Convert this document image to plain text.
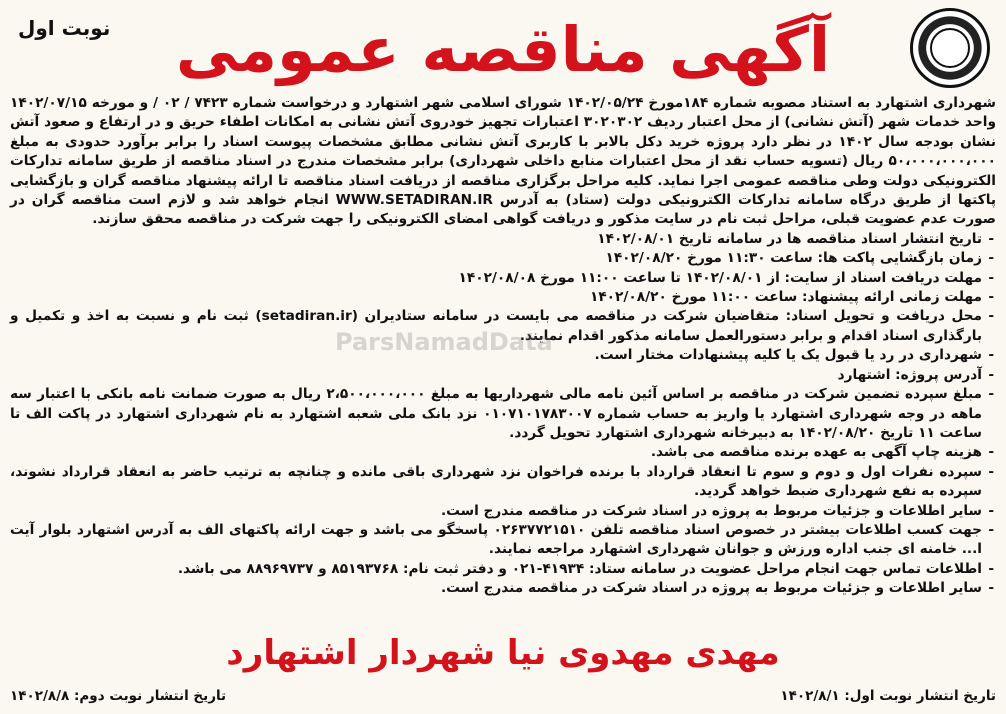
آگهی مناقصه عمومی
نوبت اول

شهرداری اشتهارد به استناد مصوبه شماره ۱۸۴مورخ ۱۴۰۲/۰۵/۲۴ شورای اسلامی شهر اشتهارد و درخواست شماره ۷۴۲۳ / ۰۲ / و مورخه ۱۴۰۲/۰۷/۱۵ واحد خدمات شهر (آتش نشانی) از محل اعتبار ردیف ۳۰۲۰۳۰۲ اعتبارات تجهیز خودروی آتش نشانی به امکانات اطفاء حریق و در ارتفاع و صعود آتش نشان بودجه سال ۱۴۰۲ در نظر دارد پروژه خرید دکل بالابر با کاربری آتش نشانی مطابق مشخصات پیوست اسناد را برابر برآورد حدودی به مبلغ ۵۰،۰۰۰،۰۰۰،۰۰۰ ریال (تسویه حساب نقد از محل اعتبارات منابع داخلی شهرداری) برابر مشخصات مندرج در اسناد مناقصه از طریق سامانه تدارکات الکترونیکی دولت وطی مناقصه عمومی اجرا نماید. کلیه مراحل برگزاری مناقصه از دریافت اسناد مناقصه تا ارائه پیشنهاد مناقصه گران و بازگشایی پاکتها از طریق درگاه سامانه تدارکات الکترونیکی دولت (ستاد) به آدرس WWW.SETADIRAN.IR انجام خواهد شد و لازم است مناقصه گران در صورت عدم عضویت قبلی، مراحل ثبت نام در سایت مذکور و دریافت گواهی امضای الکترونیکی را جهت شرکت در مناقصه محقق سازند.

- تاریخ انتشار اسناد مناقصه ها در سامانه تاریخ ۱۴۰۲/۰۸/۰۱
- زمان بازگشایی پاکت ها: ساعت ۱۱:۳۰ مورخ ۱۴۰۲/۰۸/۲۰
- مهلت دریافت اسناد از سایت: از ۱۴۰۲/۰۸/۰۱ تا ساعت ۱۱:۰۰ مورخ ۱۴۰۲/۰۸/۰۸
- مهلت زمانی ارائه پیشنهاد: ساعت ۱۱:۰۰ مورخ ۱۴۰۲/۰۸/۲۰
- محل دریافت و تحویل اسناد: متقاضیان شرکت در مناقصه می بایست در سامانه ستادیران (setadiran.ir) ثبت نام و نسبت به اخذ و تکمیل و بارگذاری اسناد اقدام و برابر دستورالعمل سامانه مذکور اقدام نمایند.
- شهرداری در رد یا قبول یک یا کلیه پیشنهادات مختار است.
- آدرس پروژه: اشتهارد
- مبلغ سپرده تضمین شرکت در مناقصه بر اساس آئین نامه مالی شهرداریها به مبلغ ۲،۵۰۰،۰۰۰،۰۰۰ ریال به صورت ضمانت نامه بانکی با اعتبار سه ماهه در وجه شهرداری اشتهارد یا واریز به حساب شماره ۰۱۰۷۱۰۱۷۸۳۰۰۷ نزد بانک ملی شعبه اشتهارد به نام شهرداری اشتهارد در پاکت الف تا ساعت ۱۱ تاریخ ۱۴۰۲/۰۸/۲۰ به دبیرخانه شهرداری اشتهارد تحویل گردد.
- هزینه چاپ آگهی به عهده برنده مناقصه می باشد.
- سپرده نفرات اول و دوم و سوم تا انعقاد قرارداد با برنده فراخوان نزد شهرداری باقی مانده و چنانچه به ترتیب حاضر به انعقاد قرارداد نشوند، سپرده به نفع شهرداری ضبط خواهد گردید.
- سایر اطلاعات و جزئیات مربوط به پروژه در اسناد شرکت در مناقصه مندرج است.
- جهت کسب اطلاعات بیشتر در خصوص اسناد مناقصه تلفن ۰۲۶۳۷۷۲۱۵۱۰ پاسخگو می باشد و جهت ارائه پاکتهای الف به آدرس اشتهارد بلوار آیت ا... خامنه ای جنب اداره ورزش و جوانان شهرداری اشتهارد مراجعه نمایند.
- اطلاعات تماس جهت انجام مراحل عضویت در سامانه ستاد: ۴۱۹۳۴-۰۲۱ و دفتر ثبت نام: ۸۵۱۹۳۷۶۸ و ۸۸۹۶۹۷۳۷ می باشد.
- سایر اطلاعات و جزئیات مربوط به پروژه در اسناد شرکت در مناقصه مندرج است.
ParsNamadData
مهدی مهدوی نیا شهردار اشتهارد
تاریخ انتشار نوبت اول: ۱۴۰۲/۸/۱
تاریخ انتشار نوبت دوم: ۱۴۰۲/۸/۸
